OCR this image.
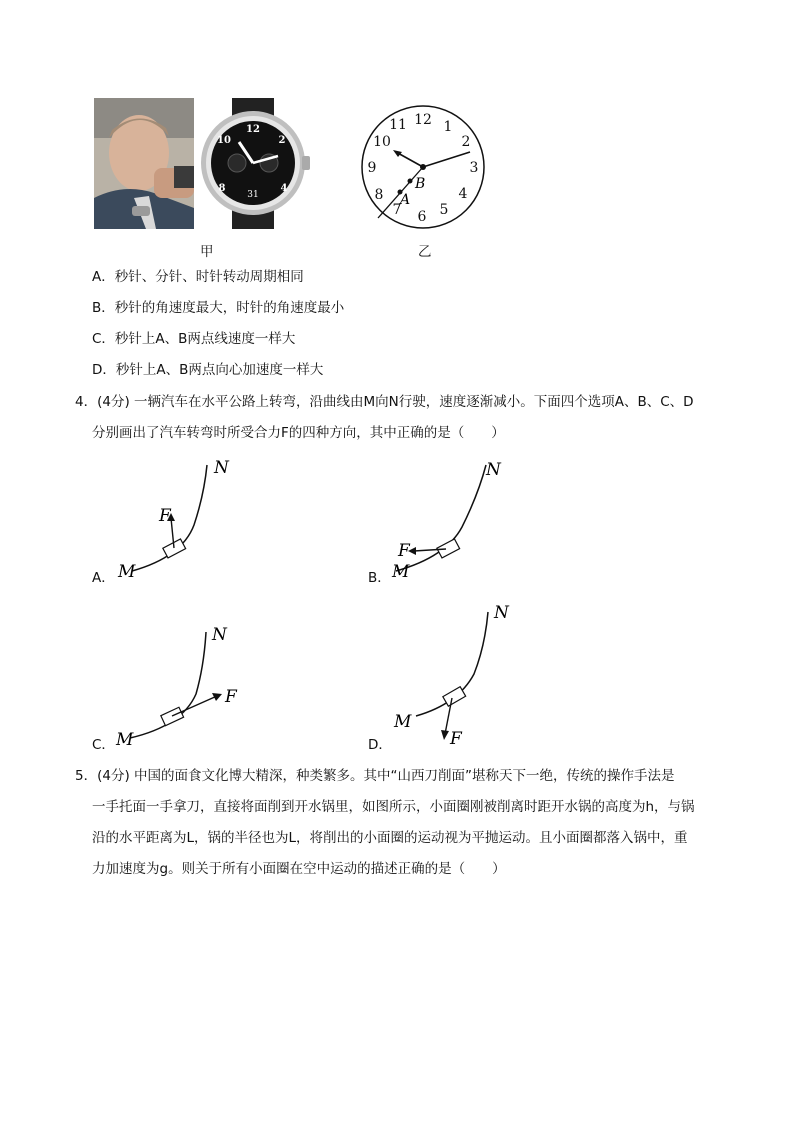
12
2
4
8
10
31
甲
12 1
2
3
4
5
6
7
8
9
10
11
B
A
乙
A．秒针、分针、时针转动周期相同
B．秒针的角速度最大，时针的角速度最小
C．秒针上A、B两点线速度一样大
D．秒针上A、B两点向心加速度一样大
4．(4分) 一辆汽车在水平公路上转弯，沿曲线由M向N行驶，速度逐渐减小。下面四个选项A、B、C、D
分别画出了汽车转弯时所受合力F的四种方向，其中正确的是（　　）
A．
F
M
N
B．
F
M
N
C．
F
M
N
D．	F
M
N
5．(4分) 中国的面食文化博大精深，种类繁多。其中“山西刀削面”堪称天下一绝，传统的操作手法是
一手托面一手拿刀，直接将面削到开水锅里，如图所示，小面圈刚被削离时距开水锅的高度为h，与锅
沿的水平距离为L，锅的半径也为L，将削出的小面圈的运动视为平抛运动。且小面圈都落入锅中，重
力加速度为g。则关于所有小面圈在空中运动的描述正确的是（　　）
